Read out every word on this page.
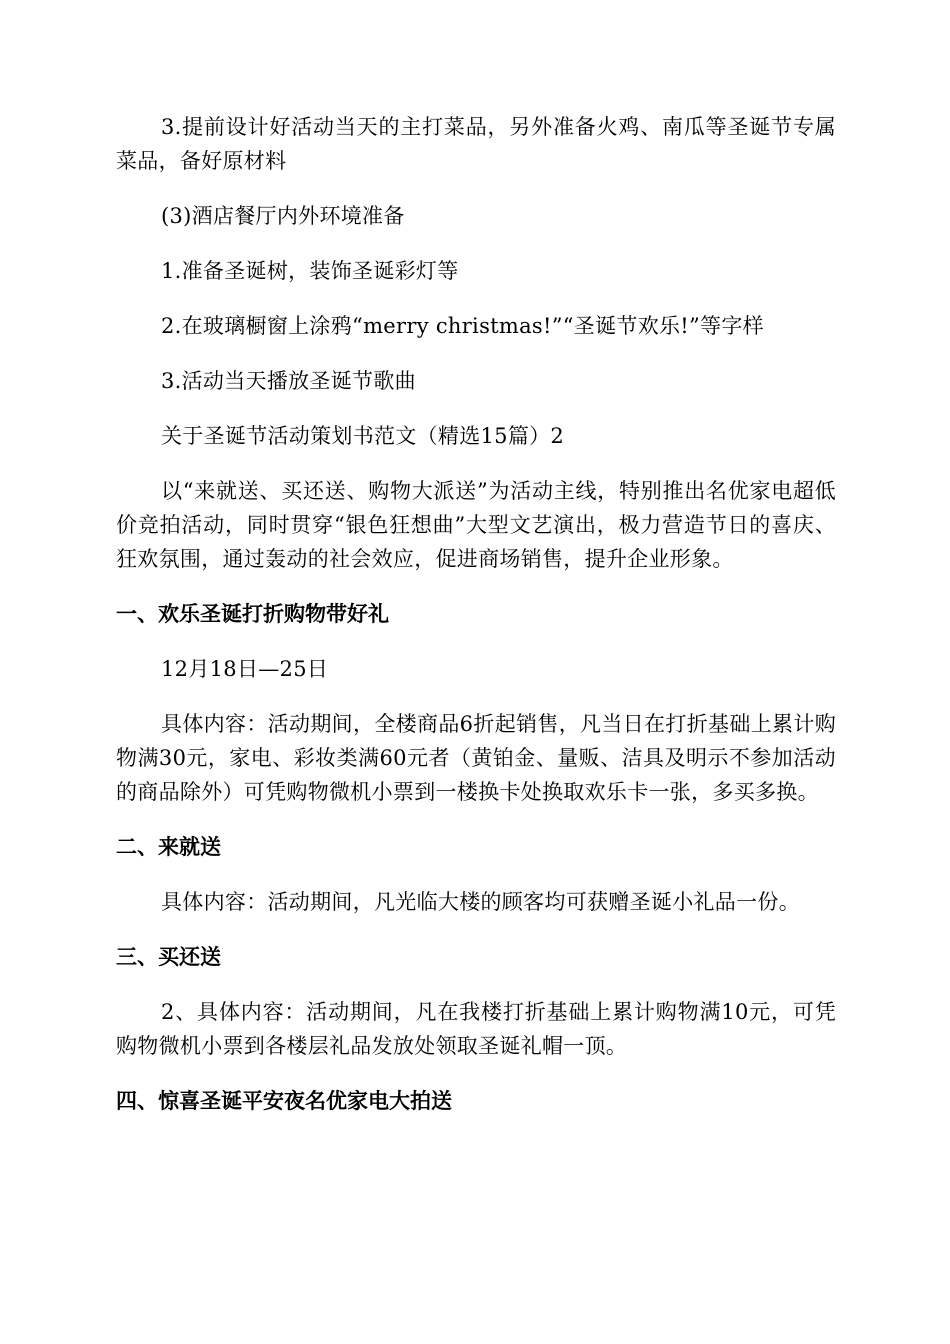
3.提前设计好活动当天的主打菜品，另外准备火鸡、南瓜等圣诞节专属菜品，备好原材料

(3)酒店餐厅内外环境准备

1.准备圣诞树，装饰圣诞彩灯等

2.在玻璃橱窗上涂鸦“merry christmas!”“圣诞节欢乐!”等字样

3.活动当天播放圣诞节歌曲

关于圣诞节活动策划书范文（精选15篇）2

以“来就送、买还送、购物大派送”为活动主线，特别推出名优家电超低价竞拍活动，同时贯穿“银色狂想曲”大型文艺演出，极力营造节日的喜庆、狂欢氛围，通过轰动的社会效应，促进商场销售，提升企业形象。

一、欢乐圣诞打折购物带好礼

12月18日—25日

具体内容：活动期间，全楼商品6折起销售，凡当日在打折基础上累计购物满30元，家电、彩妆类满60元者（黄铂金、量贩、洁具及明示不参加活动的商品除外）可凭购物微机小票到一楼换卡处换取欢乐卡一张，多买多换。

二、来就送

具体内容：活动期间，凡光临大楼的顾客均可获赠圣诞小礼品一份。

三、买还送

2、具体内容：活动期间，凡在我楼打折基础上累计购物满10元，可凭购物微机小票到各楼层礼品发放处领取圣诞礼帽一顶。

四、惊喜圣诞平安夜名优家电大拍送
